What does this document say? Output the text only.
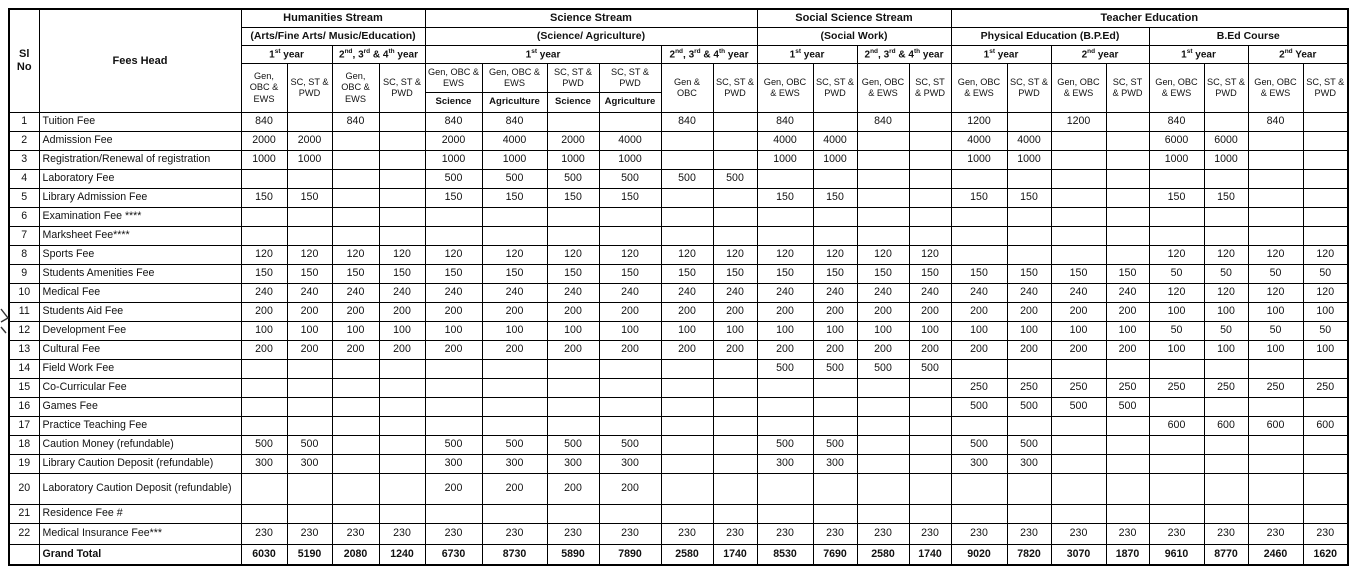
Sl No	Fees Head	Humanities Stream				Science Stream						Social Science Stream				Teacher Education							
		(Arts/Fine Arts/ Music/Education)				(Science/ Agriculture)						(Social Work)				Physical Education (B.P.Ed)				B.Ed Course			
		1st year		2nd, 3rd & 4th year		1st year				2nd, 3rd & 4th year		1st year		2nd, 3rd & 4th year		1st year		2nd year		1st year		2nd Year	
		Gen, OBC & EWS	SC, ST & PWD	Gen, OBC & EWS	SC, ST & PWD	Gen, OBC & EWS	Gen, OBC & EWS	SC, ST & PWD	SC, ST & PWD	Gen & OBC	SC, ST & PWD	Gen, OBC & EWS	SC, ST & PWD	Gen, OBC & EWS	SC, ST & PWD	Gen, OBC & EWS	SC, ST & PWD	Gen, OBC & EWS	SC, ST & PWD	Gen, OBC & EWS	SC, ST & PWD	Gen, OBC & EWS	SC, ST & PWD
						Science	Agriculture	Science	Agriculture														
1	Tuition Fee	840		840		840	840			840		840		840		1200		1200		840		840	
2	Admission Fee	2000	2000			2000	4000	2000	4000			4000	4000			4000	4000			6000	6000		
3	Registration/Renewal of registration	1000	1000			1000	1000	1000	1000			1000	1000			1000	1000			1000	1000		
4	Laboratory Fee					500	500	500	500	500	500												
5	Library Admission Fee	150	150			150	150	150	150			150	150			150	150			150	150		
6	Examination Fee ****																						
7	Marksheet Fee****																						
8	Sports Fee	120	120	120	120	120	120	120	120	120	120	120	120	120	120					120	120	120	120
9	Students Amenities Fee	150	150	150	150	150	150	150	150	150	150	150	150	150	150	150	150	150	150	50	50	50	50
10	Medical Fee	240	240	240	240	240	240	240	240	240	240	240	240	240	240	240	240	240	240	120	120	120	120
11	Students Aid Fee	200	200	200	200	200	200	200	200	200	200	200	200	200	200	200	200	200	200	100	100	100	100
12	Development Fee	100	100	100	100	100	100	100	100	100	100	100	100	100	100	100	100	100	100	50	50	50	50
13	Cultural Fee	200	200	200	200	200	200	200	200	200	200	200	200	200	200	200	200	200	200	100	100	100	100
14	Field Work Fee											500	500	500	500								
15	Co-Curricular Fee															250	250	250	250	250	250	250	250
16	Games Fee															500	500	500	500				
17	Practice Teaching Fee																			600	600	600	600
18	Caution Money (refundable)	500	500			500	500	500	500			500	500			500	500						
19	Library Caution Deposit (refundable)	300	300			300	300	300	300			300	300			300	300						
20	Laboratory Caution Deposit (refundable)					200	200	200	200														
21	Residence Fee #																						
22	Medical Insurance Fee***	230	230	230	230	230	230	230	230	230	230	230	230	230	230	230	230	230	230	230	230	230	230
	Grand Total	6030	5190	2080	1240	6730	8730	5890	7890	2580	1740	8530	7690	2580	1740	9020	7820	3070	1870	9610	8770	2460	1620
